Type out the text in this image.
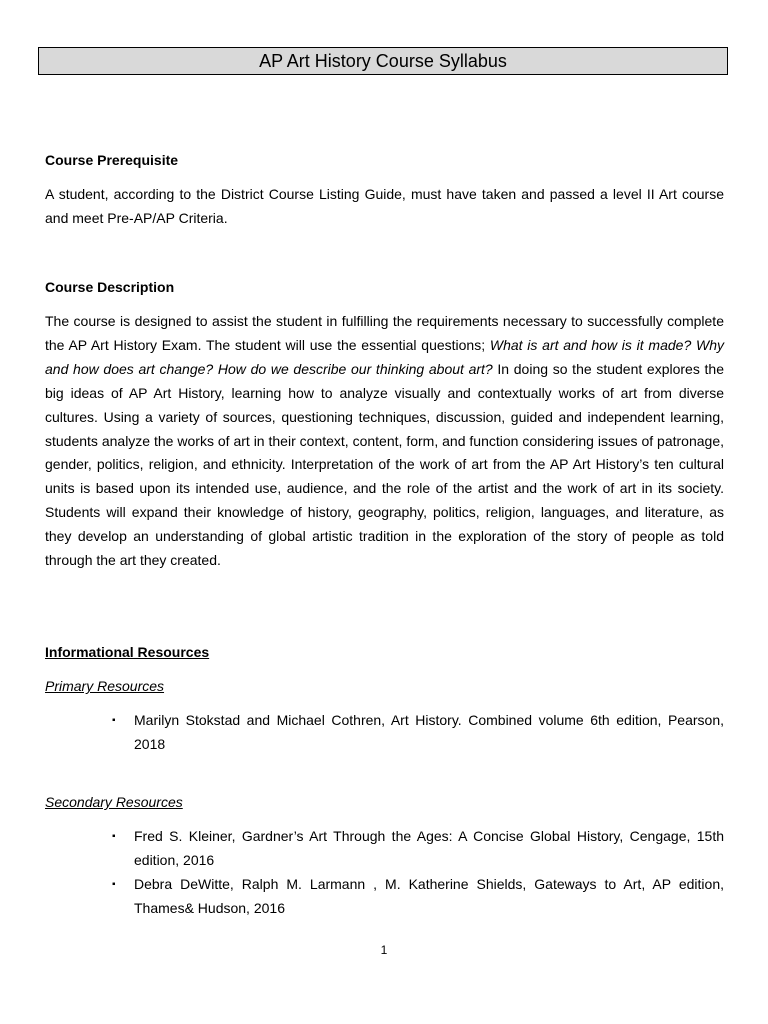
AP Art History Course Syllabus
Course Prerequisite
A student, according to the District Course Listing Guide, must have taken and passed a level II Art course and meet Pre-AP/AP Criteria.
Course Description
The course is designed to assist the student in fulfilling the requirements necessary to successfully complete the AP Art History Exam. The student will use the essential questions; What is art and how is it made? Why and how does art change? How do we describe our thinking about art? In doing so the student explores the big ideas of AP Art History, learning how to analyze visually and contextually works of art from diverse cultures. Using a variety of sources, questioning techniques, discussion, guided and independent learning, students analyze the works of art in their context, content, form, and function considering issues of patronage, gender, politics, religion, and ethnicity. Interpretation of the work of art from the AP Art History’s ten cultural units is based upon its intended use, audience, and the role of the artist and the work of art in its society. Students will expand their knowledge of history, geography, politics, religion, languages, and literature, as they develop an understanding of global artistic tradition in the exploration of the story of people as told through the art they created.
Informational Resources
Primary Resources
▪	Marilyn Stokstad and Michael Cothren, Art History. Combined volume 6th edition, Pearson, 2018
Secondary Resources
▪	Fred S. Kleiner, Gardner’s Art Through the Ages: A Concise Global History, Cengage, 15th edition, 2016
▪	Debra DeWitte, Ralph M. Larmann , M. Katherine Shields, Gateways to Art, AP edition, Thames& Hudson, 2016
1
